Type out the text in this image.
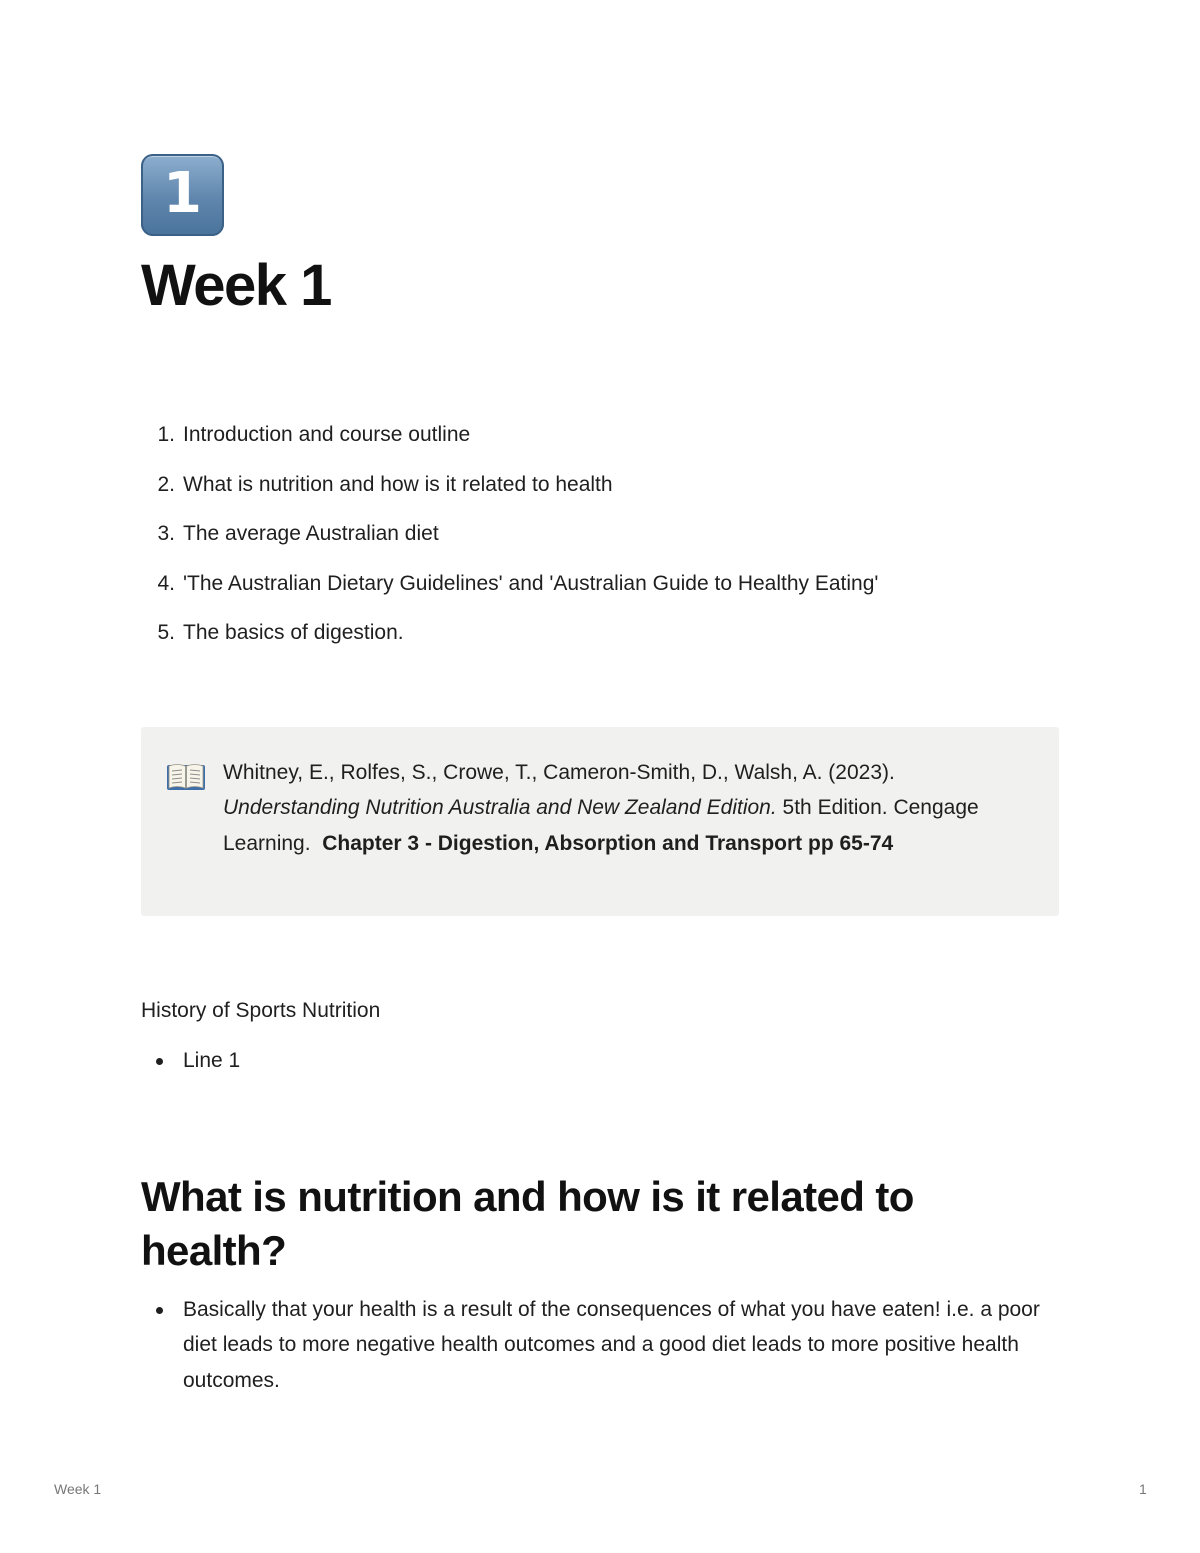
1
Week 1
1. Introduction and course outline
2. What is nutrition and how is it related to health
3. The average Australian diet
4. 'The Australian Dietary Guidelines' and 'Australian Guide to Healthy Eating'
5. The basics of digestion.

Whitney, E., Rolfes, S., Crowe, T., Cameron-Smith, D., Walsh, A. (2023). Understanding Nutrition Australia and New Zealand Edition. 5th Edition. Cengage Learning. Chapter 3 - Digestion, Absorption and Transport pp 65-74

History of Sports Nutrition

Line 1
What is nutrition and how is it related to health?
Basically that your health is a result of the consequences of what you have eaten! i.e. a poor diet leads to more negative health outcomes and a good diet leads to more positive health outcomes.
Week 1	1
